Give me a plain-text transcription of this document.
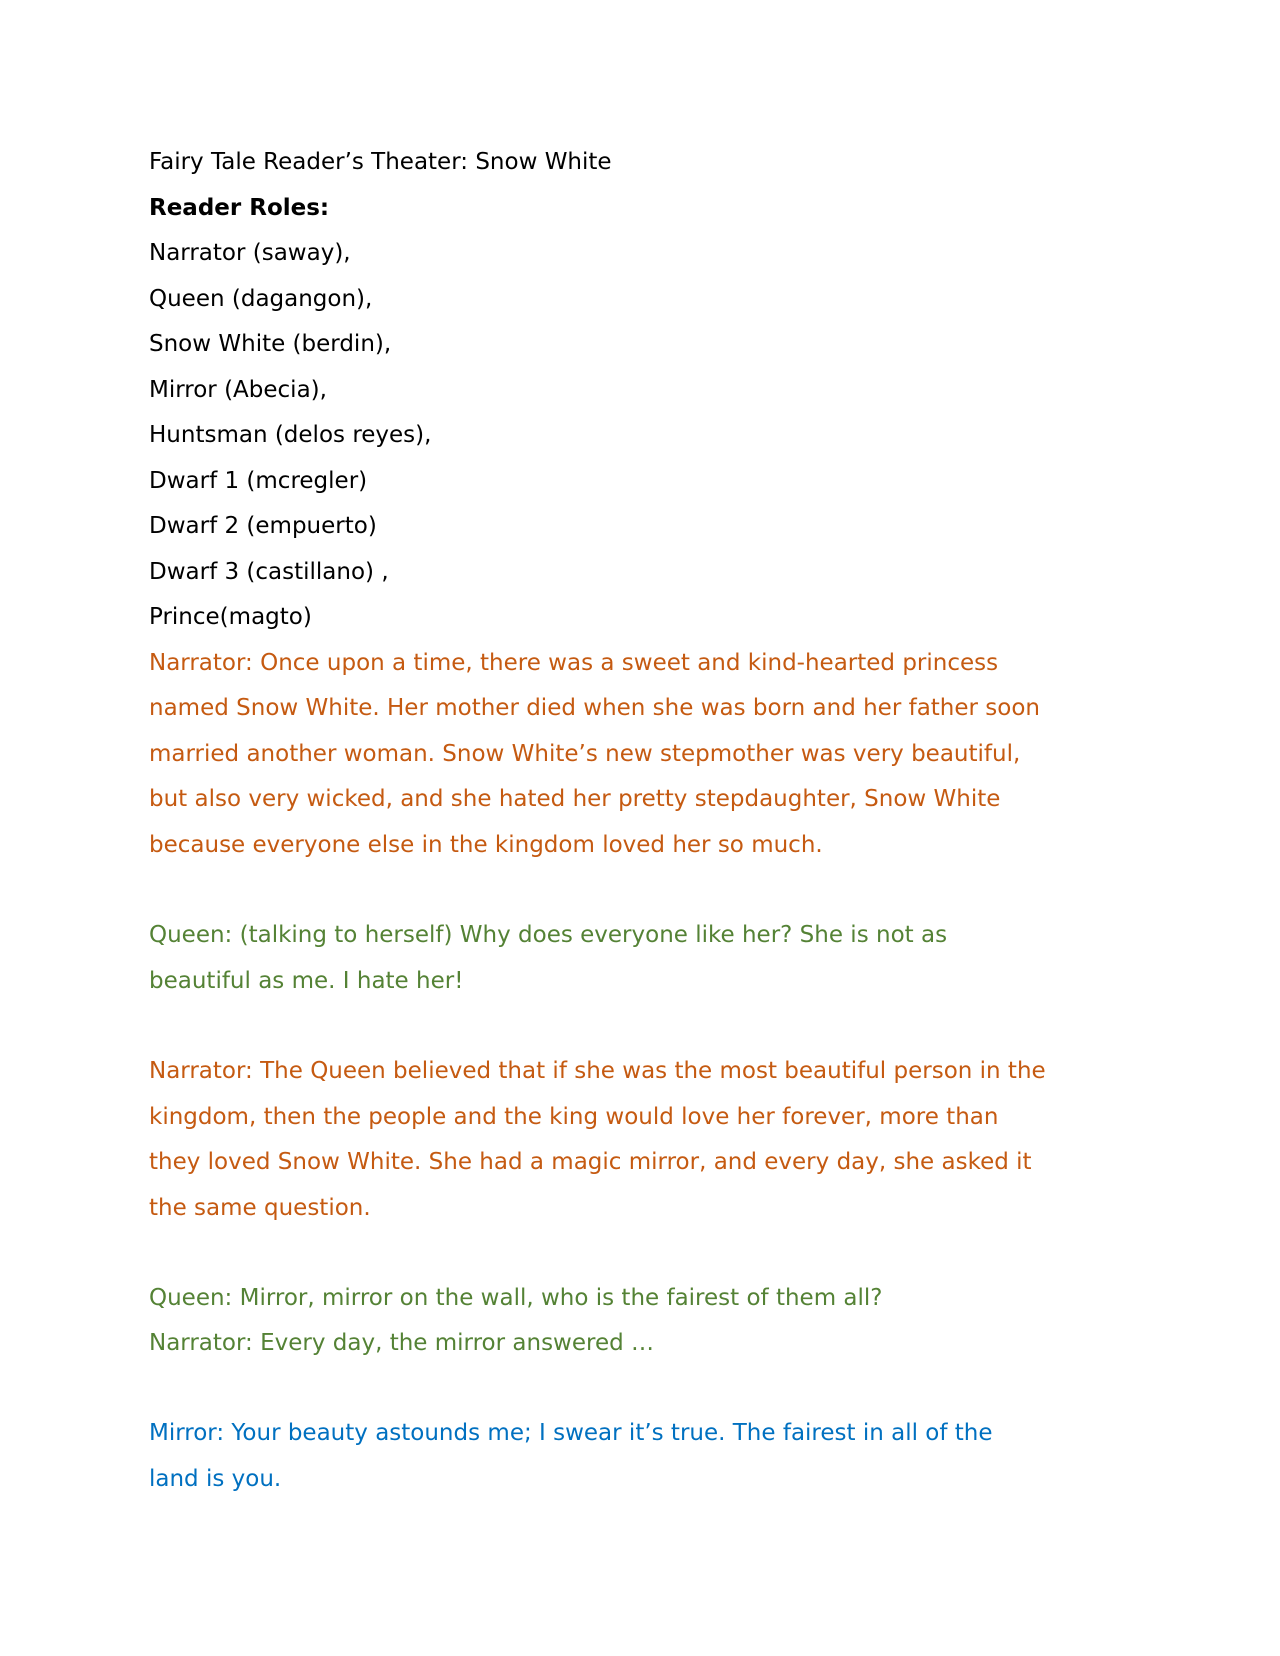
Fairy Tale Reader’s Theater: Snow White
Reader Roles:
Narrator (saway),
Queen (dagangon),
Snow White (berdin),
Mirror (Abecia),
Huntsman (delos reyes),
Dwarf 1 (mcregler)
Dwarf 2 (empuerto)
Dwarf 3 (castillano) ,
Prince(magto)

Narrator: Once upon a time, there was a sweet and kind-hearted princess named Snow White. Her mother died when she was born and her father soon married another woman. Snow White’s new stepmother was very beautiful, but also very wicked, and she hated her pretty stepdaughter, Snow White because everyone else in the kingdom loved her so much.

Queen: (talking to herself) Why does everyone like her? She is not as beautiful as me. I hate her!

Narrator: The Queen believed that if she was the most beautiful person in the kingdom, then the people and the king would love her forever, more than they loved Snow White. She had a magic mirror, and every day, she asked it the same question.

Queen: Mirror, mirror on the wall, who is the fairest of them all?

Narrator: Every day, the mirror answered …

Mirror: Your beauty astounds me; I swear it’s true. The fairest in all of the land is you.
